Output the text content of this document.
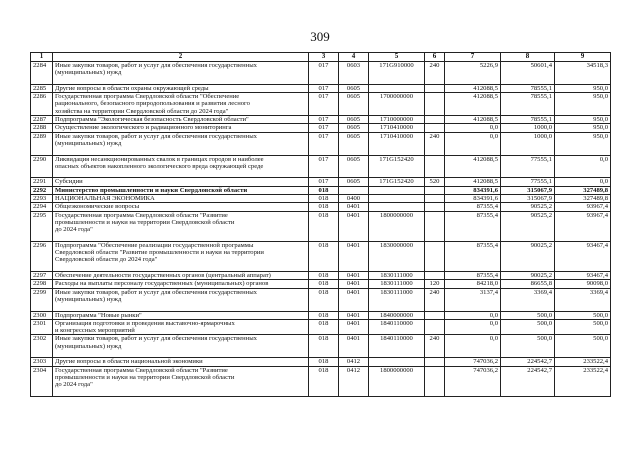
309
1	2	3	4	5	6	7	8	9
2284	Иные закупки товаров, работ и услуг для обеспечения государственных
(муниципальных) нужд	017	0603	171G910000	240	5226,9	50601,4	34518,3
2285	Другие вопросы в области охраны окружающей среды	017	0605			412088,5	78555,1	950,0
2286	Государственная программа Свердловской области "Обеспечение
рационального, безопасного природопользования и развития лесного
хозяйства на территории Свердловской области до 2024 года"	017	0605	1700000000		412088,5	78555,1	950,0
2287	Подпрограмма "Экологическая безопасность Свердловской области"	017	0605	1710000000		412088,5	78555,1	950,0
2288	Осуществление экологического и радиационного мониторинга	017	0605	1710410000		0,0	1000,0	950,0
2289	Иные закупки товаров, работ и услуг для обеспечения государственных
(муниципальных) нужд	017	0605	1710410000	240	0,0	1000,0	950,0
2290	Ликвидация несанкционированных свалок в границах городов и наиболее
опасных объектов накопленного экологического вреда окружающей среде	017	0605	171G152420		412088,5	77555,1	0,0
2291	Субсидии	017	0605	171G152420	520	412088,5	77555,1	0,0
2292	Министерство промышленности и науки Свердловской области	018				834391,6	315067,9	327489,8
2293	НАЦИОНАЛЬНАЯ ЭКОНОМИКА	018	0400			834391,6	315067,9	327489,8
2294	Общеэкономические вопросы	018	0401			87355,4	90525,2	93967,4
2295	Государственная программа Свердловской области "Развитие
промышленности и науки на территории Свердловской области
до 2024 года"	018	0401	1800000000		87355,4	90525,2	93967,4
2296	Подпрограмма "Обеспечение реализации государственной программы
Свердловской области "Развитие промышленности и науки на территории
Свердловской области до 2024 года"	018	0401	1830000000		87355,4	90025,2	93467,4
2297	Обеспечение деятельности государственных органов (центральный аппарат)	018	0401	1830111000		87355,4	90025,2	93467,4
2298	Расходы на выплаты персоналу государственных (муниципальных) органов	018	0401	1830111000	120	84218,0	86655,8	90098,0
2299	Иные закупки товаров, работ и услуг для обеспечения государственных
(муниципальных) нужд	018	0401	1830111000	240	3137,4	3369,4	3369,4
2300	Подпрограмма "Новые рынки"	018	0401	1840000000		0,0	500,0	500,0
2301	Организация подготовки и проведения выставочно-ярмарочных
и конгрессных мероприятий	018	0401	1840110000		0,0	500,0	500,0
2302	Иные закупки товаров, работ и услуг для обеспечения государственных
(муниципальных) нужд	018	0401	1840110000	240	0,0	500,0	500,0
2303	Другие вопросы в области национальной экономики	018	0412			747036,2	224542,7	233522,4
2304	Государственная программа Свердловской области "Развитие
промышленности и науки на территории Свердловской области
до 2024 года"	018	0412	1800000000		747036,2	224542,7	233522,4
